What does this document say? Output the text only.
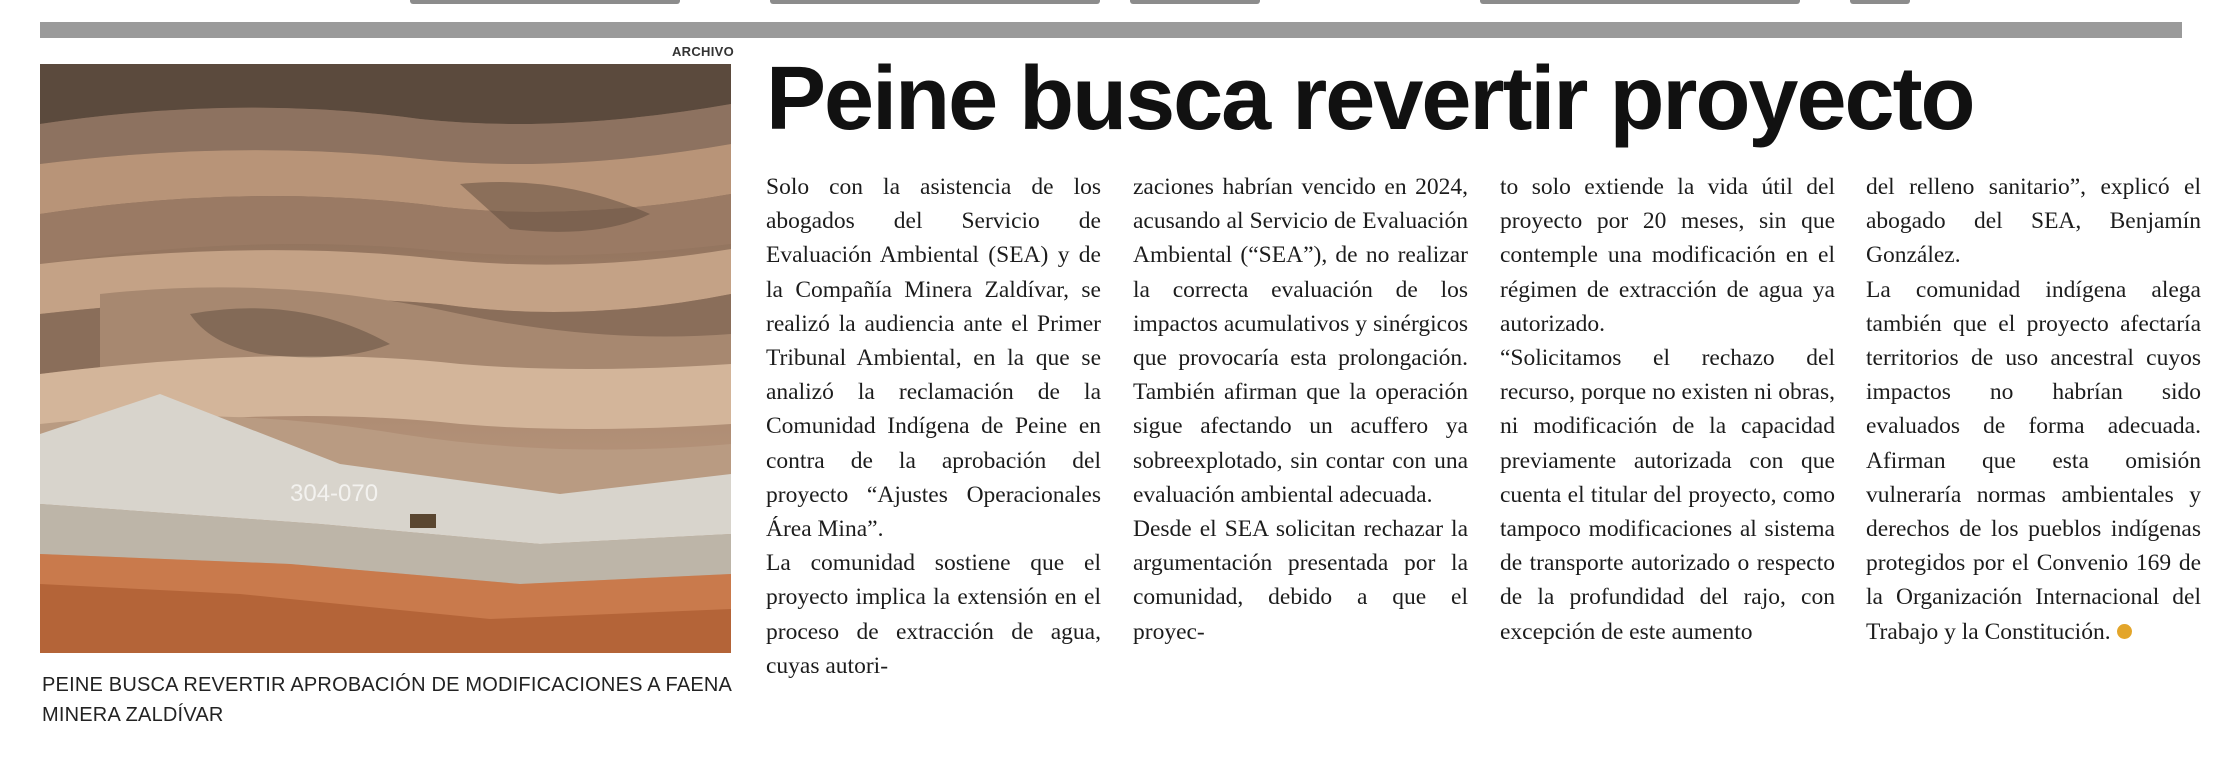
ARCHIVO
304-070
PEINE BUSCA REVERTIR APROBACIÓN DE MODIFICACIONES A FAENA MINERA ZALDÍVAR
Peine busca revertir proyecto

Solo con la asistencia de los abogados del Servicio de Evaluación Ambiental (SEA) y de la Compañía Minera Zaldívar, se realizó la audiencia ante el Primer Tribunal Ambiental, en la que se analizó la reclamación de la Comunidad Indígena de Peine en contra de la aprobación del proyecto “Ajustes Operacionales Área Mina”.

La comunidad sostiene que el proyecto implica la extensión en el proceso de extracción de agua, cuyas autori-

zaciones habrían vencido en 2024, acusando al Servicio de Evaluación Ambiental (“SEA”), de no realizar la correcta evaluación de los impactos acumulativos y sinérgicos que provocaría esta prolongación. También afirman que la operación sigue afectando un acuffero ya sobreexplotado, sin contar con una evaluación ambiental adecuada.

Desde el SEA solicitan rechazar la argumentación presentada por la comunidad, debido a que el proyec-

to solo extiende la vida útil del proyecto por 20 meses, sin que contemple una modificación en el régimen de extracción de agua ya autorizado.

“Solicitamos el rechazo del recurso, porque no existen ni obras, ni modificación de la capacidad previamente autorizada con que cuenta el titular del proyecto, como tampoco modificaciones al sistema de transporte autorizado o respecto de la profundidad del rajo, con excepción de este aumento

del relleno sanitario”, explicó el abogado del SEA, Benjamín González.

La comunidad indígena alega también que el proyecto afectaría territorios de uso ancestral cuyos impactos no habrían sido evaluados de forma adecuada. Afirman que esta omisión vulneraría normas ambientales y derechos de los pueblos indígenas protegidos por el Convenio 169 de la Organización Internacional del Trabajo y la Constitución.
